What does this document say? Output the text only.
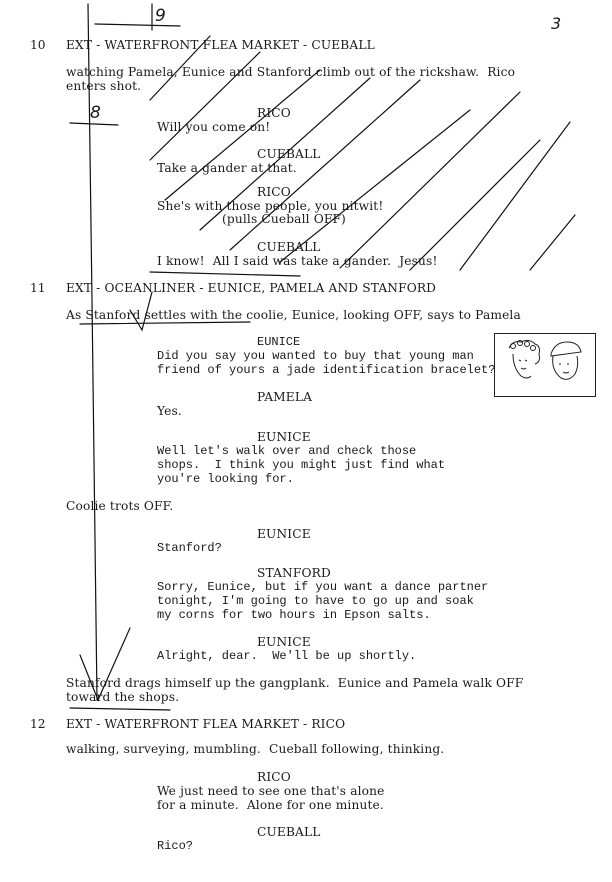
3
9
8
10 EXT - WATERFRONT FLEA MARKET - CUEBALL
watching Pamela, Eunice and Stanford climb out of the rickshaw.  Rico
enters shot.
RICO
Will you come on!
CUEBALL
Take a gander at that.
RICO
She's with those people, you nitwit!
(pulls Cueball OFF)
CUEBALL
I know!  All I said was take a gander.  Jesus!
11 EXT - OCEANLINER - EUNICE, PAMELA AND STANFORD
As Stanford settles with the coolie, Eunice, looking OFF, says to Pamela
EUNICE
Did you say you wanted to buy that young man
friend of yours a jade identification bracelet?
PAMELA
Yes.
EUNICE
Well let's walk over and check those
shops.  I think you might just find what
you're looking for.
Coolie trots OFF.
EUNICE
Stanford?
STANFORD
Sorry, Eunice, but if you want a dance partner
tonight, I'm going to have to go up and soak
my corns for two hours in Epson salts.
EUNICE
Alright, dear.  We'll be up shortly.
Stanford drags himself up the gangplank.  Eunice and Pamela walk OFF
toward the shops.
12 EXT - WATERFRONT FLEA MARKET - RICO
walking, surveying, mumbling.  Cueball following, thinking.
RICO
We just need to see one that's alone
for a minute.  Alone for one minute.
CUEBALL
Rico?
